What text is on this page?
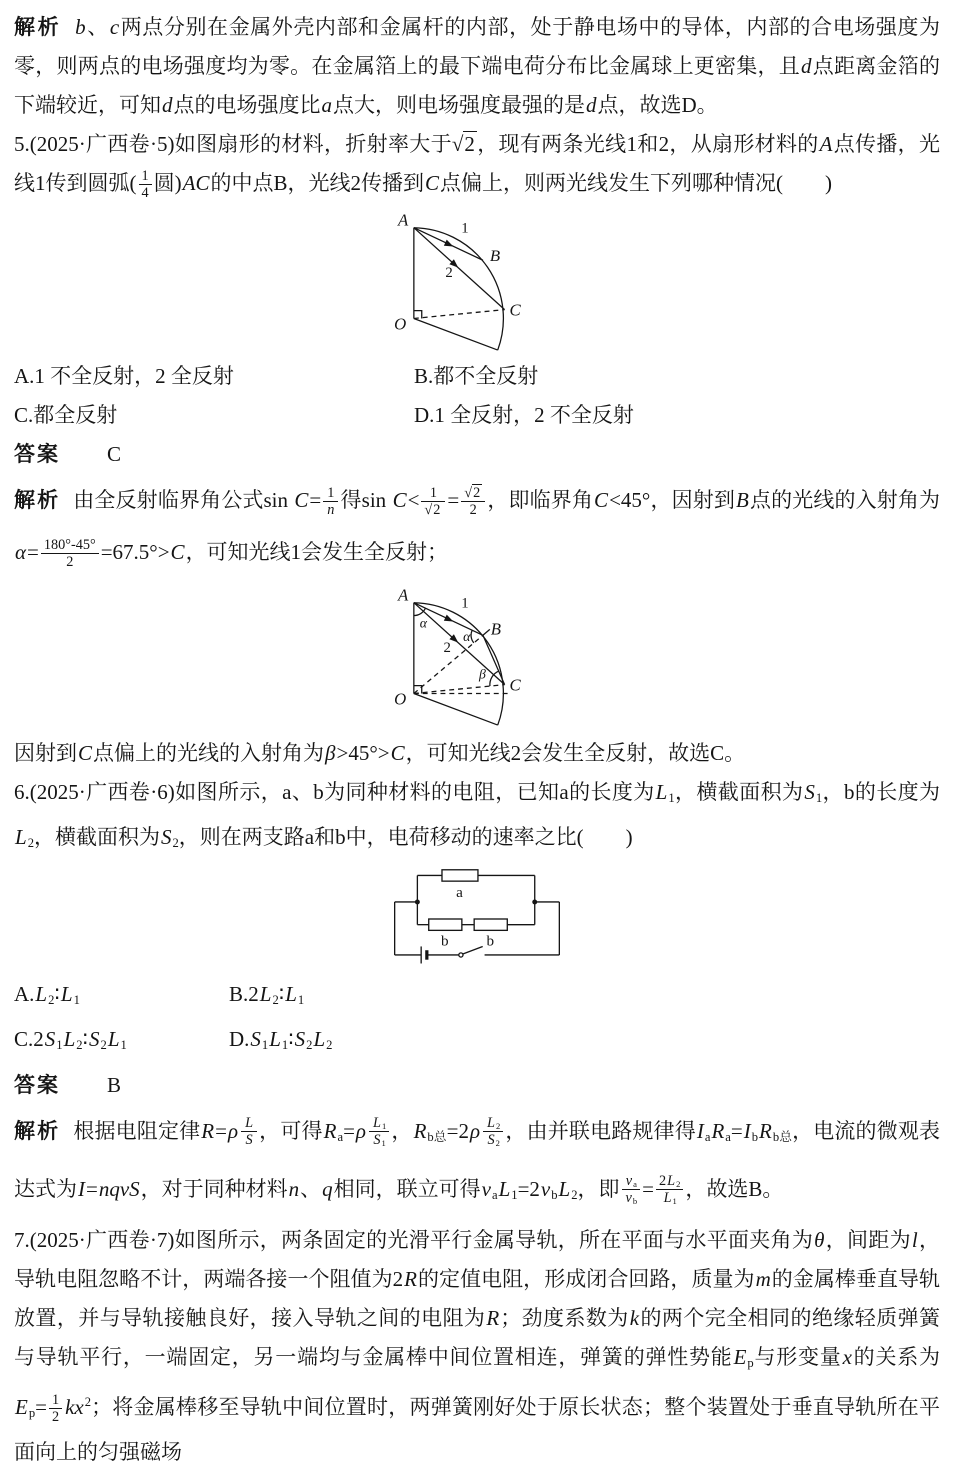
解析 b、c两点分别在金属外壳内部和金属杆的内部，处于静电场中的导体，内部的合电场强度为零，则两点的电场强度均为零。在金属箔上的最下端电荷分布比金属球上更密集，且d点距离金箔的下端较近，可知d点的电场强度比a点大，则电场强度最强的是d点，故选D。

5.(2025·广西卷·5)如图扇形的材料，折射率大于√2，现有两条光线1和2，从扇形材料的A点传播，光线1传到圆弧( $\frac{1}{4}$ 圆)AC的中点B，光线2传播到C点偏上，则两光线发生下列哪种情况(　　)

A
B
C
O
1
2
A.1 不全反射，2 全反射	B.都不全反射
C.都全反射	D.1 全反射，2 不全反射

答案 C

解析 由全反射临界角公式$\sin C= \frac{1}{n}$ 得$\sin C< \frac{1}{√2} = \frac{√2}{2}$ ，即临界角C<45°，因射到B点的光线的入射角为$\alpha= \frac{180^\circ-45^\circ}{2} =67.5^\circ>C$，可知光线1会发生全反射；

A
B
C
O
α
α
β
1
2

因射到C点偏上的光线的入射角为β>45°>C，可知光线2会发生全反射，故选C。

6.(2025·广西卷·6)如图所示，a、b为同种材料的电阻，已知a的长度为$L_1$，横截面积为$S_1$，b的长度为$L_2$，横截面积为$S_2$，则在两支路a和b中，电荷移动的速率之比(　　)

a
b b
$A.L_2∶L_1$	$B.2L_2∶L_1$
$C.2S_1L_2∶S_2L_1$	$D.S_1L_1∶S_2L_2$

答案 B

解析 根据电阻定律$R=\rho \frac{L}{S}$ ，可得$R_a=\rho \frac{L_1}{S_1}$ ，$R_{b总}=2\rho \frac{L_2}{S_2}$ ，由并联电路规律得$I_aR_a=I_bR_{b总}$，电流的微观表达式为I=nqvS，对于同种材料n、q相同，联立可得$v_aL_1=2v_bL_2$，即 $\frac{v_a}{v_b} = \frac{2L_2}{L_1}$ ，故选B。

7.(2025·广西卷·7)如图所示，两条固定的光滑平行金属导轨，所在平面与水平面夹角为θ，间距为l，导轨电阻忽略不计，两端各接一个阻值为2R的定值电阻，形成闭合回路，质量为m的金属棒垂直导轨放置，并与导轨接触良好，接入导轨之间的电阻为R；劲度系数为k的两个完全相同的绝缘轻质弹簧与导轨平行，一端固定，另一端均与金属棒中间位置相连，弹簧的弹性势能$E_p$与形变量x的关系为$E_p= \frac{1}{2} kx^2$；将金属棒移至导轨中间位置时，两弹簧刚好处于原长状态；整个装置处于垂直导轨所在平面向上的匀强磁场
